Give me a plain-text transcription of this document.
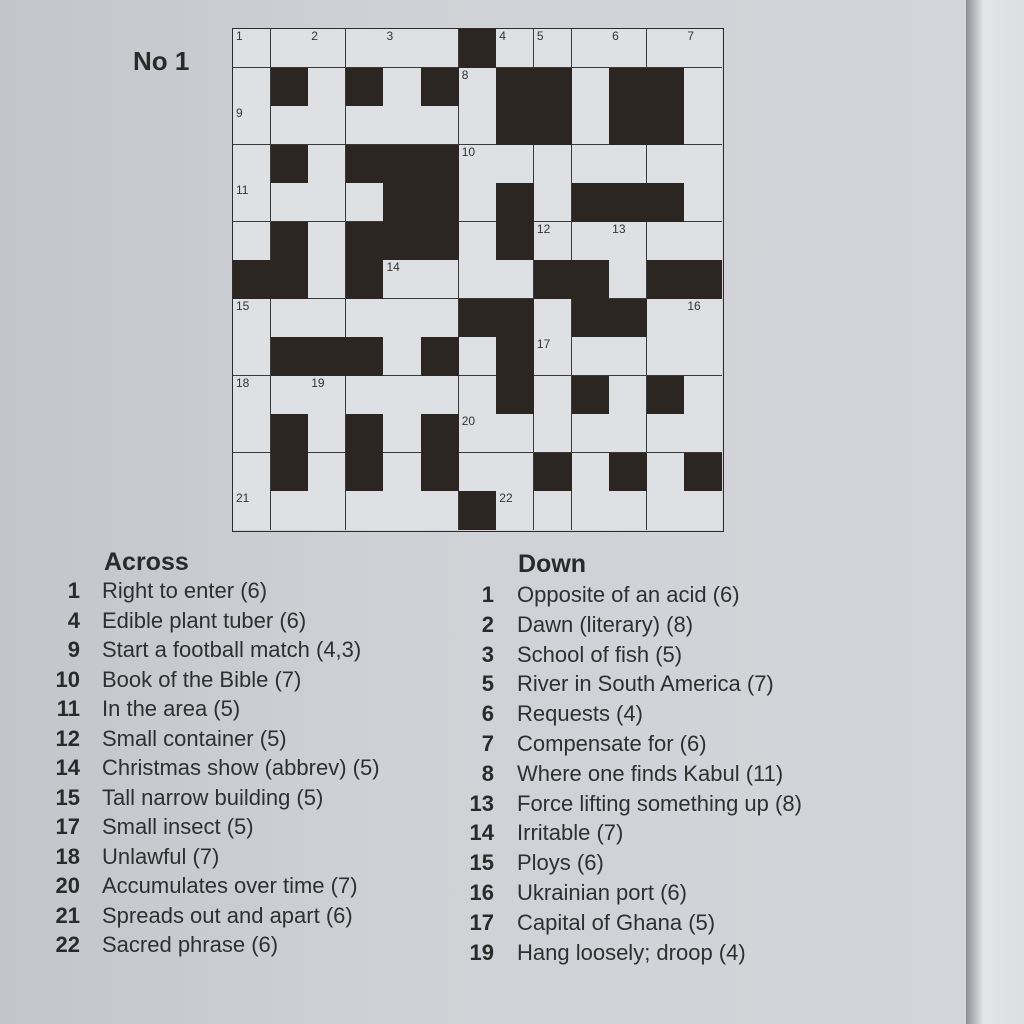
No 1
1	2	3	4	5	6	7
8
9
10
11
12	13
14
15	16
17
18	19
20
21	22
Across
1 Right to enter (6)
4 Edible plant tuber (6)
9 Start a football match (4,3)
10 Book of the Bible (7)
11 In the area (5)
12 Small container (5)
14 Christmas show (abbrev) (5)
15 Tall narrow building (5)
17 Small insect (5)
18 Unlawful (7)
20 Accumulates over time (7)
21 Spreads out and apart (6)
22 Sacred phrase (6)
Down
1 Opposite of an acid (6)
2 Dawn (literary) (8)
3 School of fish (5)
5 River in South America (7)
6 Requests (4)
7 Compensate for (6)
8 Where one finds Kabul (11)
13 Force lifting something up (8)
14 Irritable (7)
15 Ploys (6)
16 Ukrainian port (6)
17 Capital of Ghana (5)
19 Hang loosely; droop (4)
